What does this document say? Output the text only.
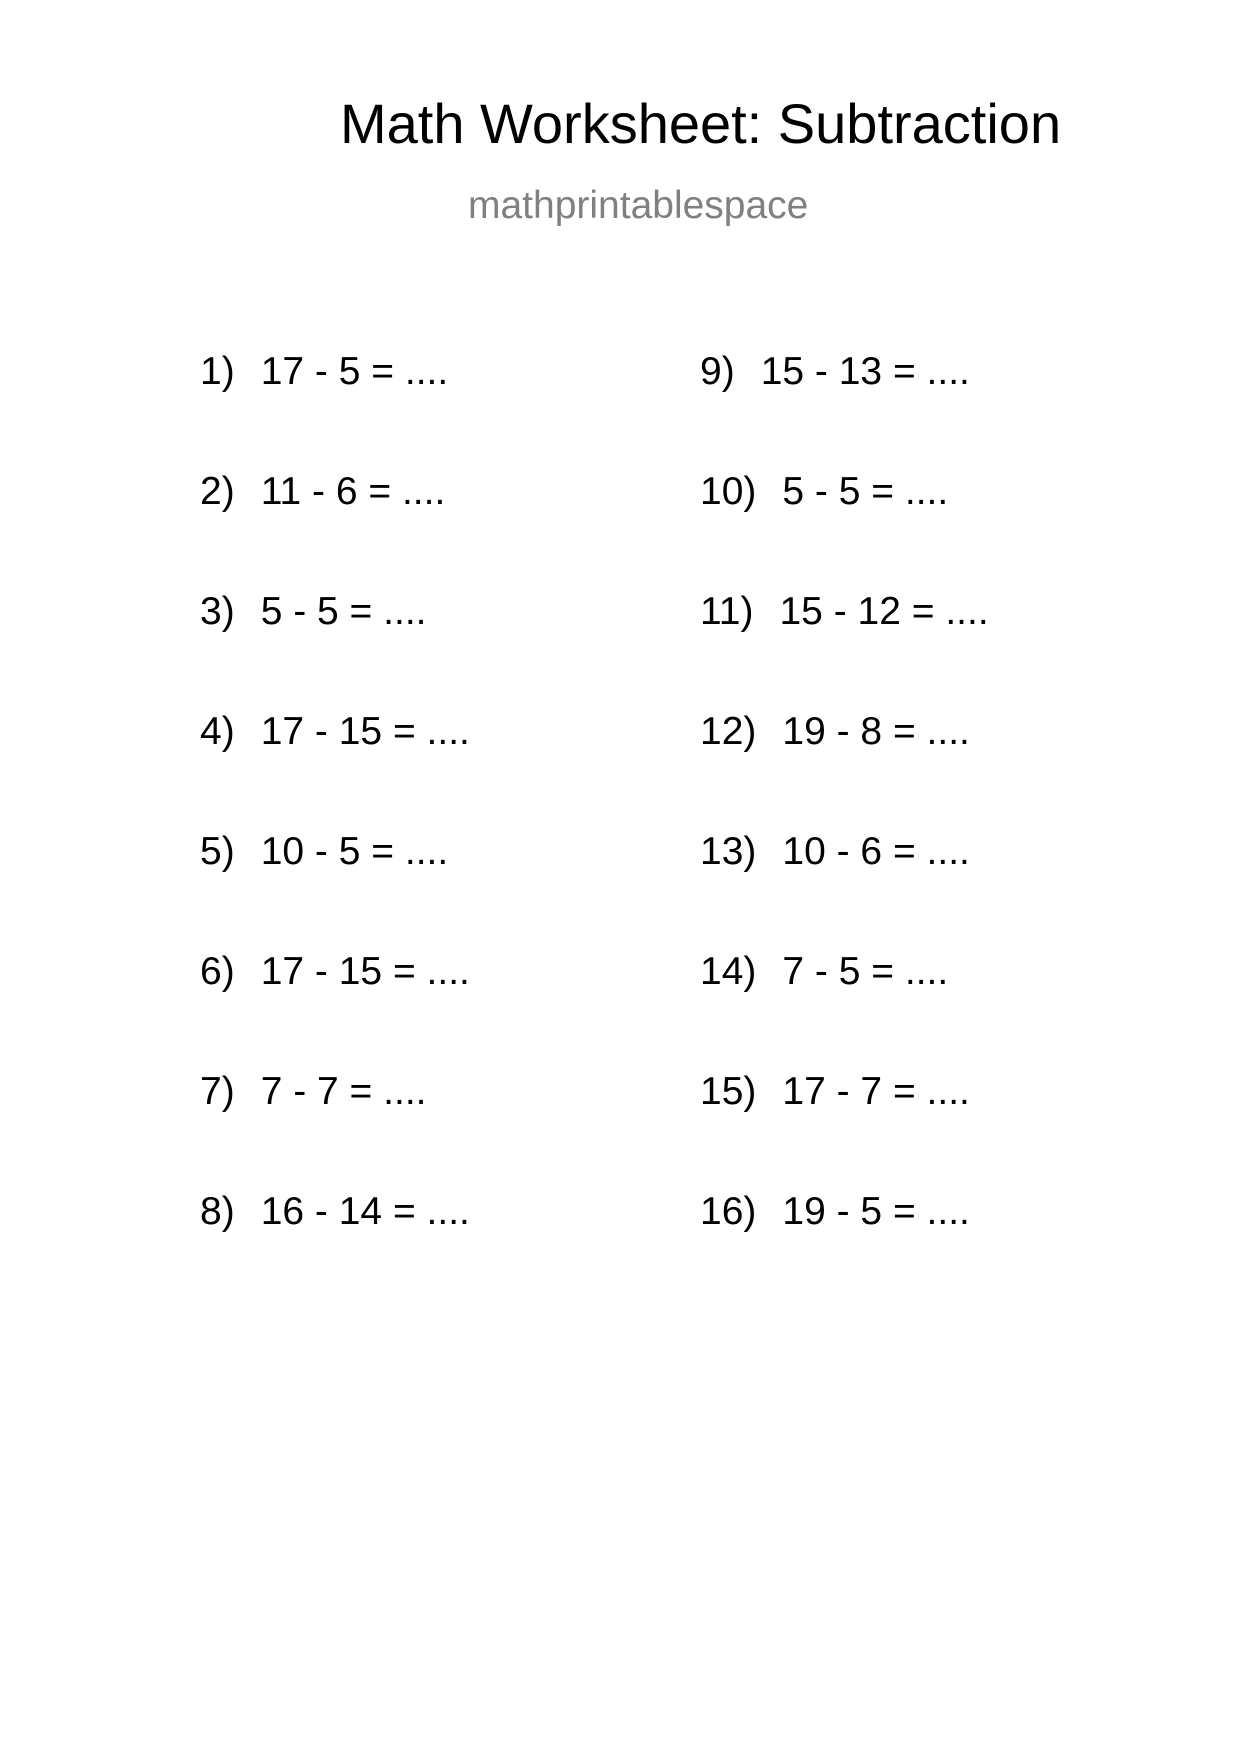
Math Worksheet: Subtraction
mathprintablespace
1) 17 - 5 = ....
2) 11 - 6 = ....
3) 5 - 5 = ....
4) 17 - 15 = ....
5) 10 - 5 = ....
6) 17 - 15 = ....
7) 7 - 7 = ....
8) 16 - 14 = ....
9) 15 - 13 = ....
10) 5 - 5 = ....
11) 15 - 12 = ....
12) 19 - 8 = ....
13) 10 - 6 = ....
14) 7 - 5 = ....
15) 17 - 7 = ....
16) 19 - 5 = ....
